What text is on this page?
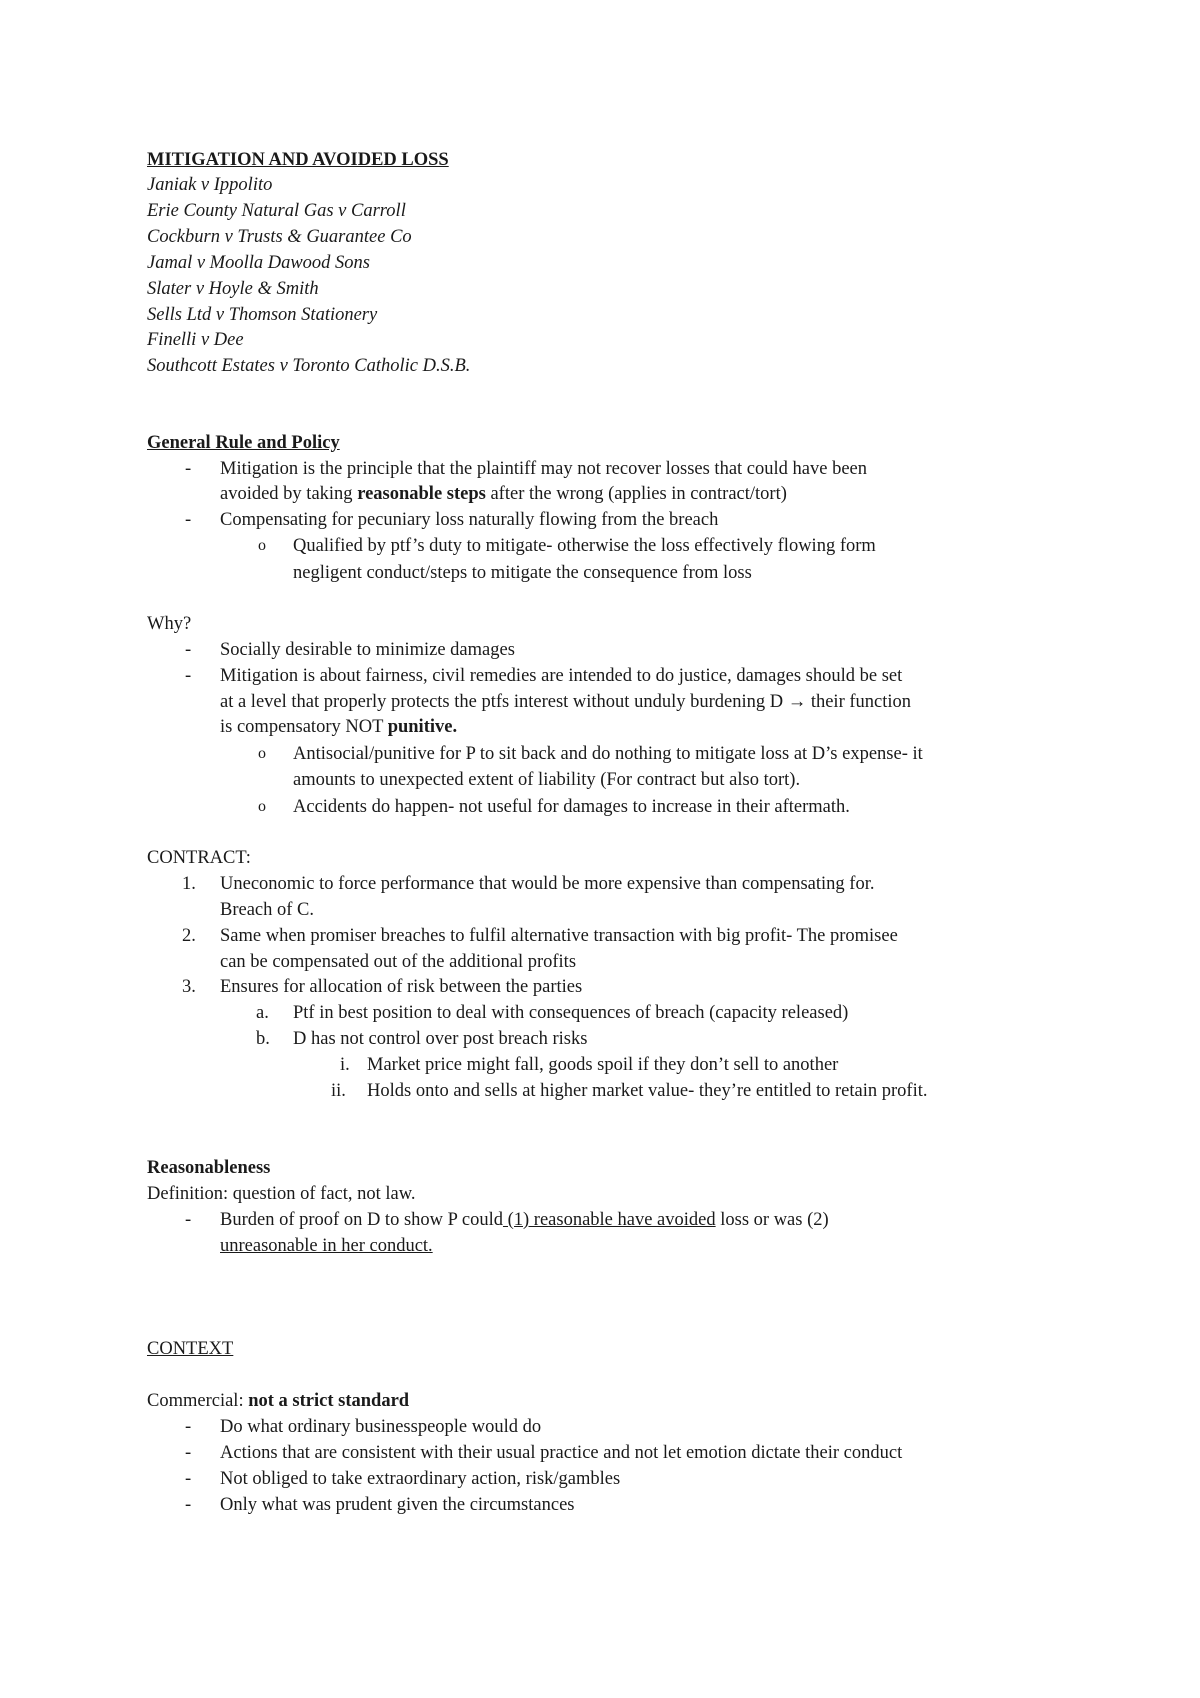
MITIGATION AND AVOIDED LOSS
Janiak v Ippolito
Erie County Natural Gas v Carroll
Cockburn v Trusts & Guarantee Co
Jamal v Moolla Dawood Sons
Slater v Hoyle & Smith
Sells Ltd v Thomson Stationery
Finelli v Dee
Southcott Estates v Toronto Catholic D.S.B.
General Rule and Policy
- Mitigation is the principle that the plaintiff may not recover losses that could have been
avoided by taking reasonable steps after the wrong (applies in contract/tort)
- Compensating for pecuniary loss naturally flowing from the breach
o Qualified by ptf’s duty to mitigate- otherwise the loss effectively flowing form
negligent conduct/steps to mitigate the consequence from loss
Why?
- Socially desirable to minimize damages
- Mitigation is about fairness, civil remedies are intended to do justice, damages should be set
at a level that properly protects the ptfs interest without unduly burdening D → their function
is compensatory NOT punitive.
o Antisocial/punitive for P to sit back and do nothing to mitigate loss at D’s expense- it
amounts to unexpected extent of liability (For contract but also tort).
o Accidents do happen- not useful for damages to increase in their aftermath.
CONTRACT:
1. Uneconomic to force performance that would be more expensive than compensating for.
Breach of C.
2. Same when promiser breaches to fulfil alternative transaction with big profit- The promisee
can be compensated out of the additional profits
3. Ensures for allocation of risk between the parties
a. Ptf in best position to deal with consequences of breach (capacity released)
b. D has not control over post breach risks
i. Market price might fall, goods spoil if they don’t sell to another
ii. Holds onto and sells at higher market value- they’re entitled to retain profit.
Reasonableness
Definition: question of fact, not law.
- Burden of proof on D to show P could (1) reasonable have avoided loss or was (2)
unreasonable in her conduct.
CONTEXT
Commercial: not a strict standard
- Do what ordinary businesspeople would do
- Actions that are consistent with their usual practice and not let emotion dictate their conduct
- Not obliged to take extraordinary action, risk/gambles
- Only what was prudent given the circumstances
